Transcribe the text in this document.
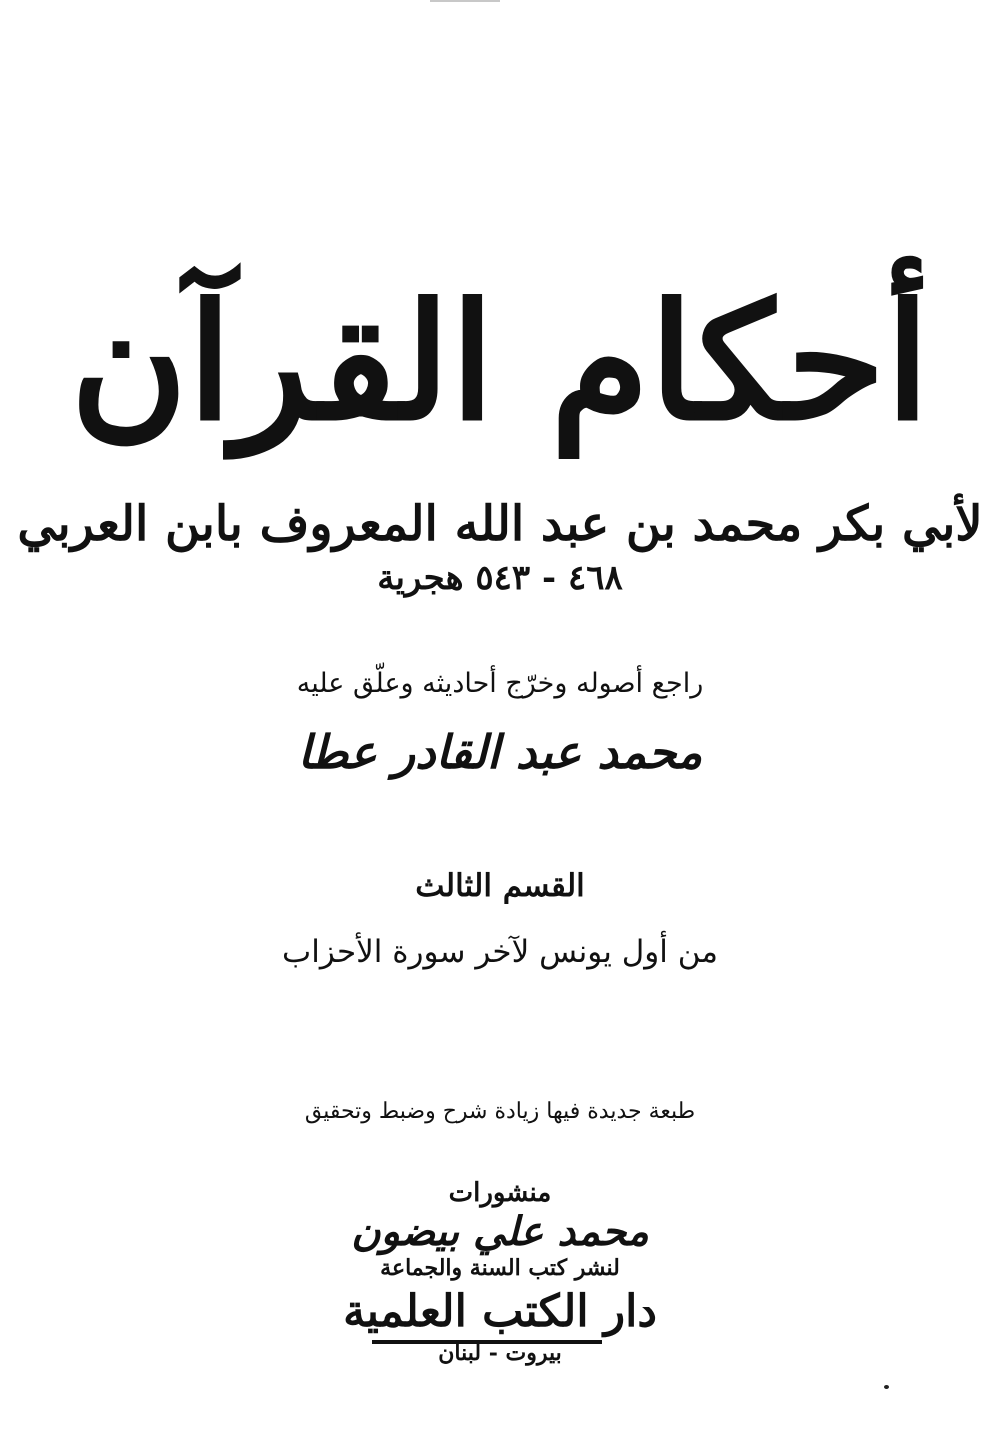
أحكام القرآن
لأبي بكر محمد بن عبد الله المعروف بابن العربي
٤٦٨ - ٥٤٣ هجرية
راجع أصوله وخرّج أحاديثه وعلّق عليه
محمد عبد القادر عطا
القسم الثالث
من أول يونس لآخر سورة الأحزاب
طبعة جديدة فيها زيادة شرح وضبط وتحقيق
منشورات
محمد علي بيضون
لنشر كتب السنة والجماعة
دار الكتب العلمية
بيروت - لبنان
